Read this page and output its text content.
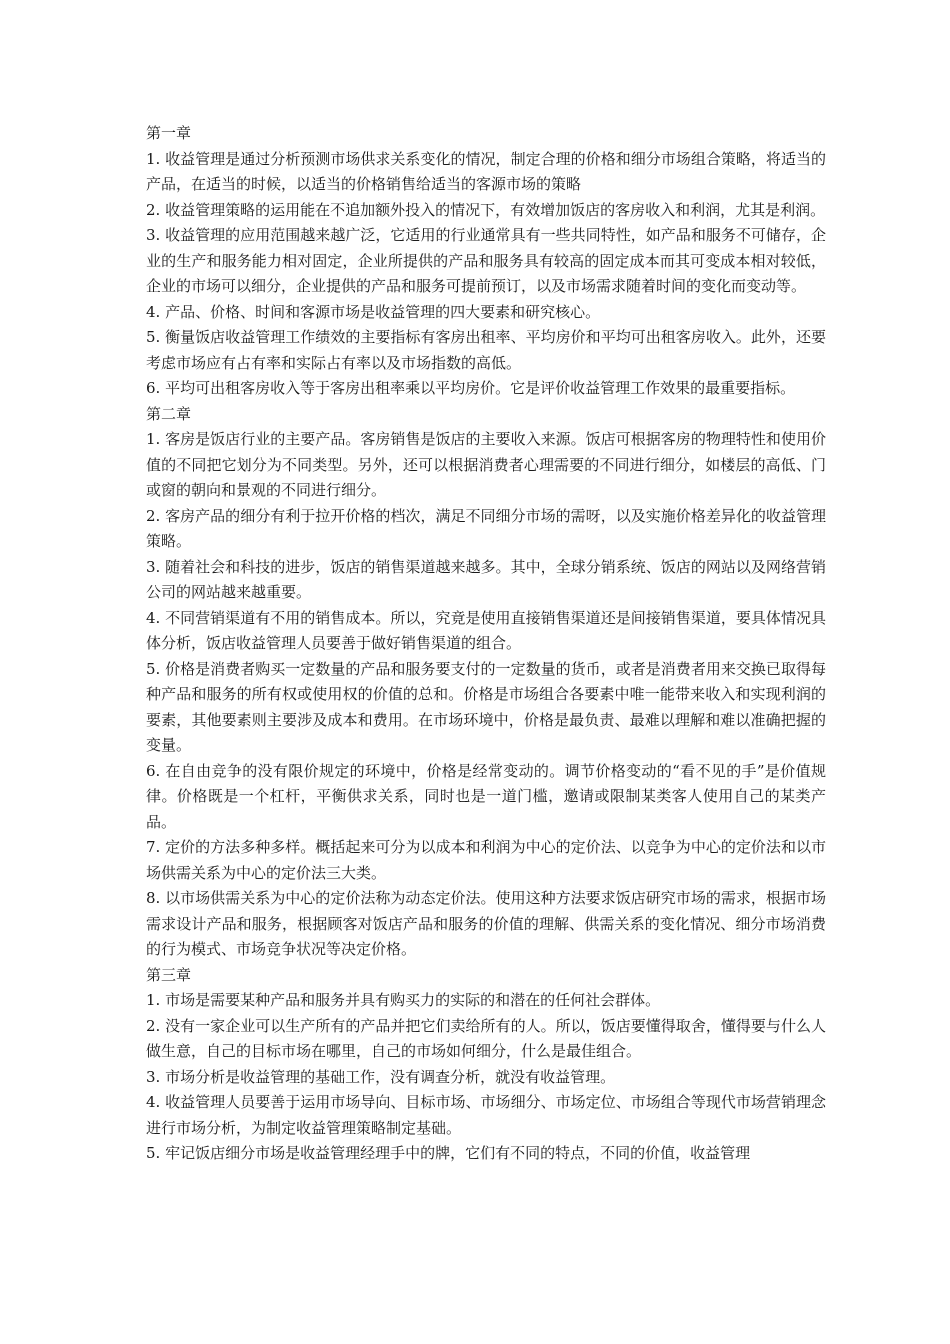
第一章

1. 收益管理是通过分析预测市场供求关系变化的情况，制定合理的价格和细分市场组合策略，将适当的产品，在适当的时候，以适当的价格销售给适当的客源市场的策略

2. 收益管理策略的运用能在不追加额外投入的情况下，有效增加饭店的客房收入和利润，尤其是利润。

3. 收益管理的应用范围越来越广泛，它适用的行业通常具有一些共同特性，如产品和服务不可储存，企业的生产和服务能力相对固定，企业所提供的产品和服务具有较高的固定成本而其可变成本相对较低，企业的市场可以细分，企业提供的产品和服务可提前预订，以及市场需求随着时间的变化而变动等。

4. 产品、价格、时间和客源市场是收益管理的四大要素和研究核心。

5. 衡量饭店收益管理工作绩效的主要指标有客房出租率、平均房价和平均可出租客房收入。此外，还要考虑市场应有占有率和实际占有率以及市场指数的高低。

6. 平均可出租客房收入等于客房出租率乘以平均房价。它是评价收益管理工作效果的最重要指标。

第二章

1. 客房是饭店行业的主要产品。客房销售是饭店的主要收入来源。饭店可根据客房的物理特性和使用价值的不同把它划分为不同类型。另外，还可以根据消费者心理需要的不同进行细分，如楼层的高低、门或窗的朝向和景观的不同进行细分。

2. 客房产品的细分有利于拉开价格的档次，满足不同细分市场的需呀，以及实施价格差异化的收益管理策略。

3. 随着社会和科技的进步，饭店的销售渠道越来越多。其中，全球分销系统、饭店的网站以及网络营销公司的网站越来越重要。

4. 不同营销渠道有不用的销售成本。所以，究竟是使用直接销售渠道还是间接销售渠道，要具体情况具体分析，饭店收益管理人员要善于做好销售渠道的组合。

5. 价格是消费者购买一定数量的产品和服务要支付的一定数量的货币，或者是消费者用来交换已取得每种产品和服务的所有权或使用权的价值的总和。价格是市场组合各要素中唯一能带来收入和实现利润的要素，其他要素则主要涉及成本和费用。在市场环境中，价格是最负责、最难以理解和难以准确把握的变量。

6. 在自由竞争的没有限价规定的环境中，价格是经常变动的。调节价格变动的“看不见的手”是价值规律。价格既是一个杠杆，平衡供求关系，同时也是一道门槛，邀请或限制某类客人使用自己的某类产品。

7. 定价的方法多种多样。概括起来可分为以成本和利润为中心的定价法、以竞争为中心的定价法和以市场供需关系为中心的定价法三大类。

8. 以市场供需关系为中心的定价法称为动态定价法。使用这种方法要求饭店研究市场的需求，根据市场需求设计产品和服务，根据顾客对饭店产品和服务的价值的理解、供需关系的变化情况、细分市场消费的行为模式、市场竞争状况等决定价格。

第三章

1. 市场是需要某种产品和服务并具有购买力的实际的和潜在的任何社会群体。

2. 没有一家企业可以生产所有的产品并把它们卖给所有的人。所以，饭店要懂得取舍，懂得要与什么人做生意，自己的目标市场在哪里，自己的市场如何细分，什么是最佳组合。

3. 市场分析是收益管理的基础工作，没有调查分析，就没有收益管理。

4. 收益管理人员要善于运用市场导向、目标市场、市场细分、市场定位、市场组合等现代市场营销理念进行市场分析，为制定收益管理策略制定基础。

5. 牢记饭店细分市场是收益管理经理手中的牌，它们有不同的特点，不同的价值，收益管理
